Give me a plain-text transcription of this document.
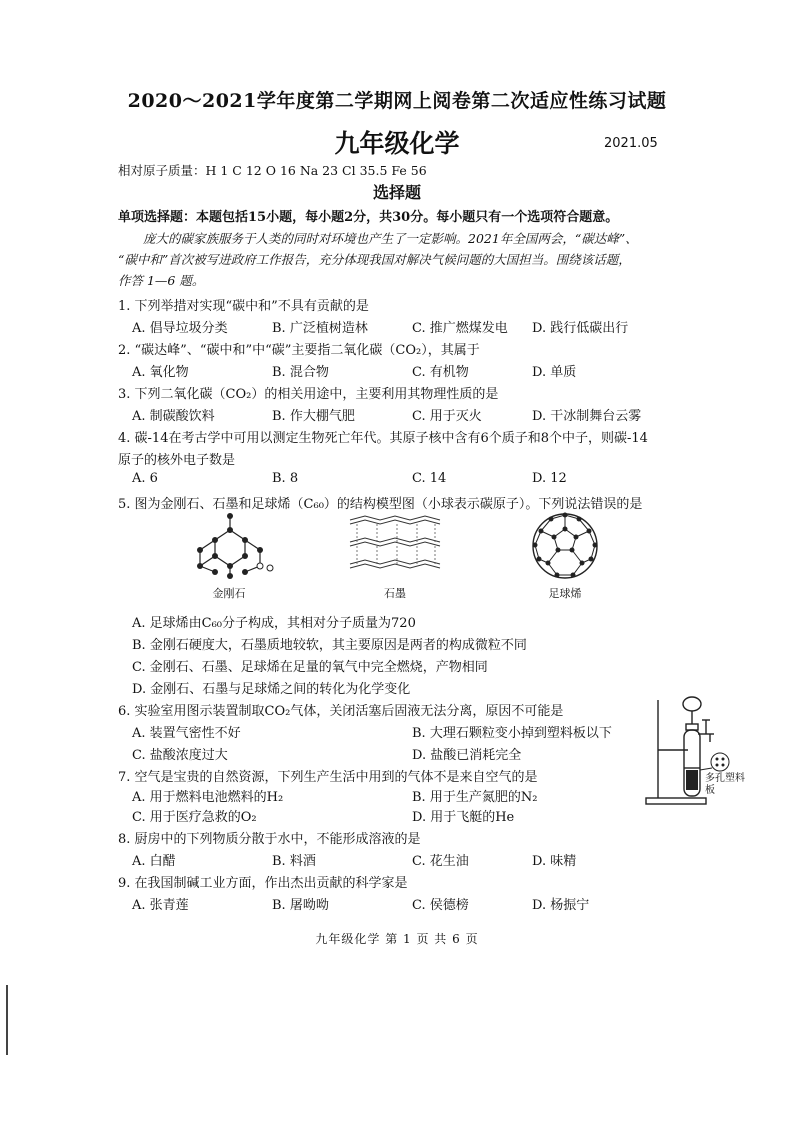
2020～2021学年度第二学期网上阅卷第二次适应性练习试题
九年级化学	2021.05
相对原子质量：H 1 C 12 O 16 Na 23 Cl 35.5 Fe 56
选择题
单项选择题：本题包括15小题，每小题2分，共30分。每小题只有一个选项符合题意。
庞大的碳家族服务于人类的同时对环境也产生了一定影响。2021年全国两会，“碳达峰”、
“碳中和”首次被写进政府工作报告，充分体现我国对解决气候问题的大国担当。围绕该话题，
作答 1—6 题。
1. 下列举措对实现“碳中和”不具有贡献的是
A. 倡导垃圾分类	B. 广泛植树造林	C. 推广燃煤发电 D. 践行低碳出行
2. “碳达峰”、“碳中和”中“碳”主要指二氧化碳（CO₂），其属于
A. 氧化物	B. 混合物	C. 有机物	D. 单质
3. 下列二氧化碳（CO₂）的相关用途中，主要利用其物理性质的是
A. 制碳酸饮料	B. 作大棚气肥	C. 用于灭火	D. 干冰制舞台云雾
4. 碳-14在考古学中可用以测定生物死亡年代。其原子核中含有6个质子和8个中子，则碳-14
原子的核外电子数是
A. 6	B. 8	C. 14	D. 12
5. 图为金刚石、石墨和足球烯（C₆₀）的结构模型图（小球表示碳原子）。下列说法错误的是
金刚石	石墨	足球烯
A. 足球烯由C₆₀分子构成，其相对分子质量为720
B. 金刚石硬度大，石墨质地较软，其主要原因是两者的构成微粒不同
C. 金刚石、石墨、足球烯在足量的氧气中完全燃烧，产物相同
D. 金刚石、石墨与足球烯之间的转化为化学变化
6. 实验室用图示装置制取CO₂气体，关闭活塞后固液无法分离，原因不可能是
A. 装置气密性不好	B. 大理石颗粒变小掉到塑料板以下
C. 盐酸浓度过大	D. 盐酸已消耗完全
多孔塑料板
7. 空气是宝贵的自然资源，下列生产生活中用到的气体不是来自空气的是
A. 用于燃料电池燃料的H₂	B. 用于生产氮肥的N₂
C. 用于医疗急救的O₂	D. 用于飞艇的He
8. 厨房中的下列物质分散于水中，不能形成溶液的是
A. 白醋	B. 料酒	C. 花生油	D. 味精
9. 在我国制碱工业方面，作出杰出贡献的科学家是
A. 张青莲	B. 屠呦呦	C. 侯德榜	D. 杨振宁
九年级化学 第 1 页 共 6 页
